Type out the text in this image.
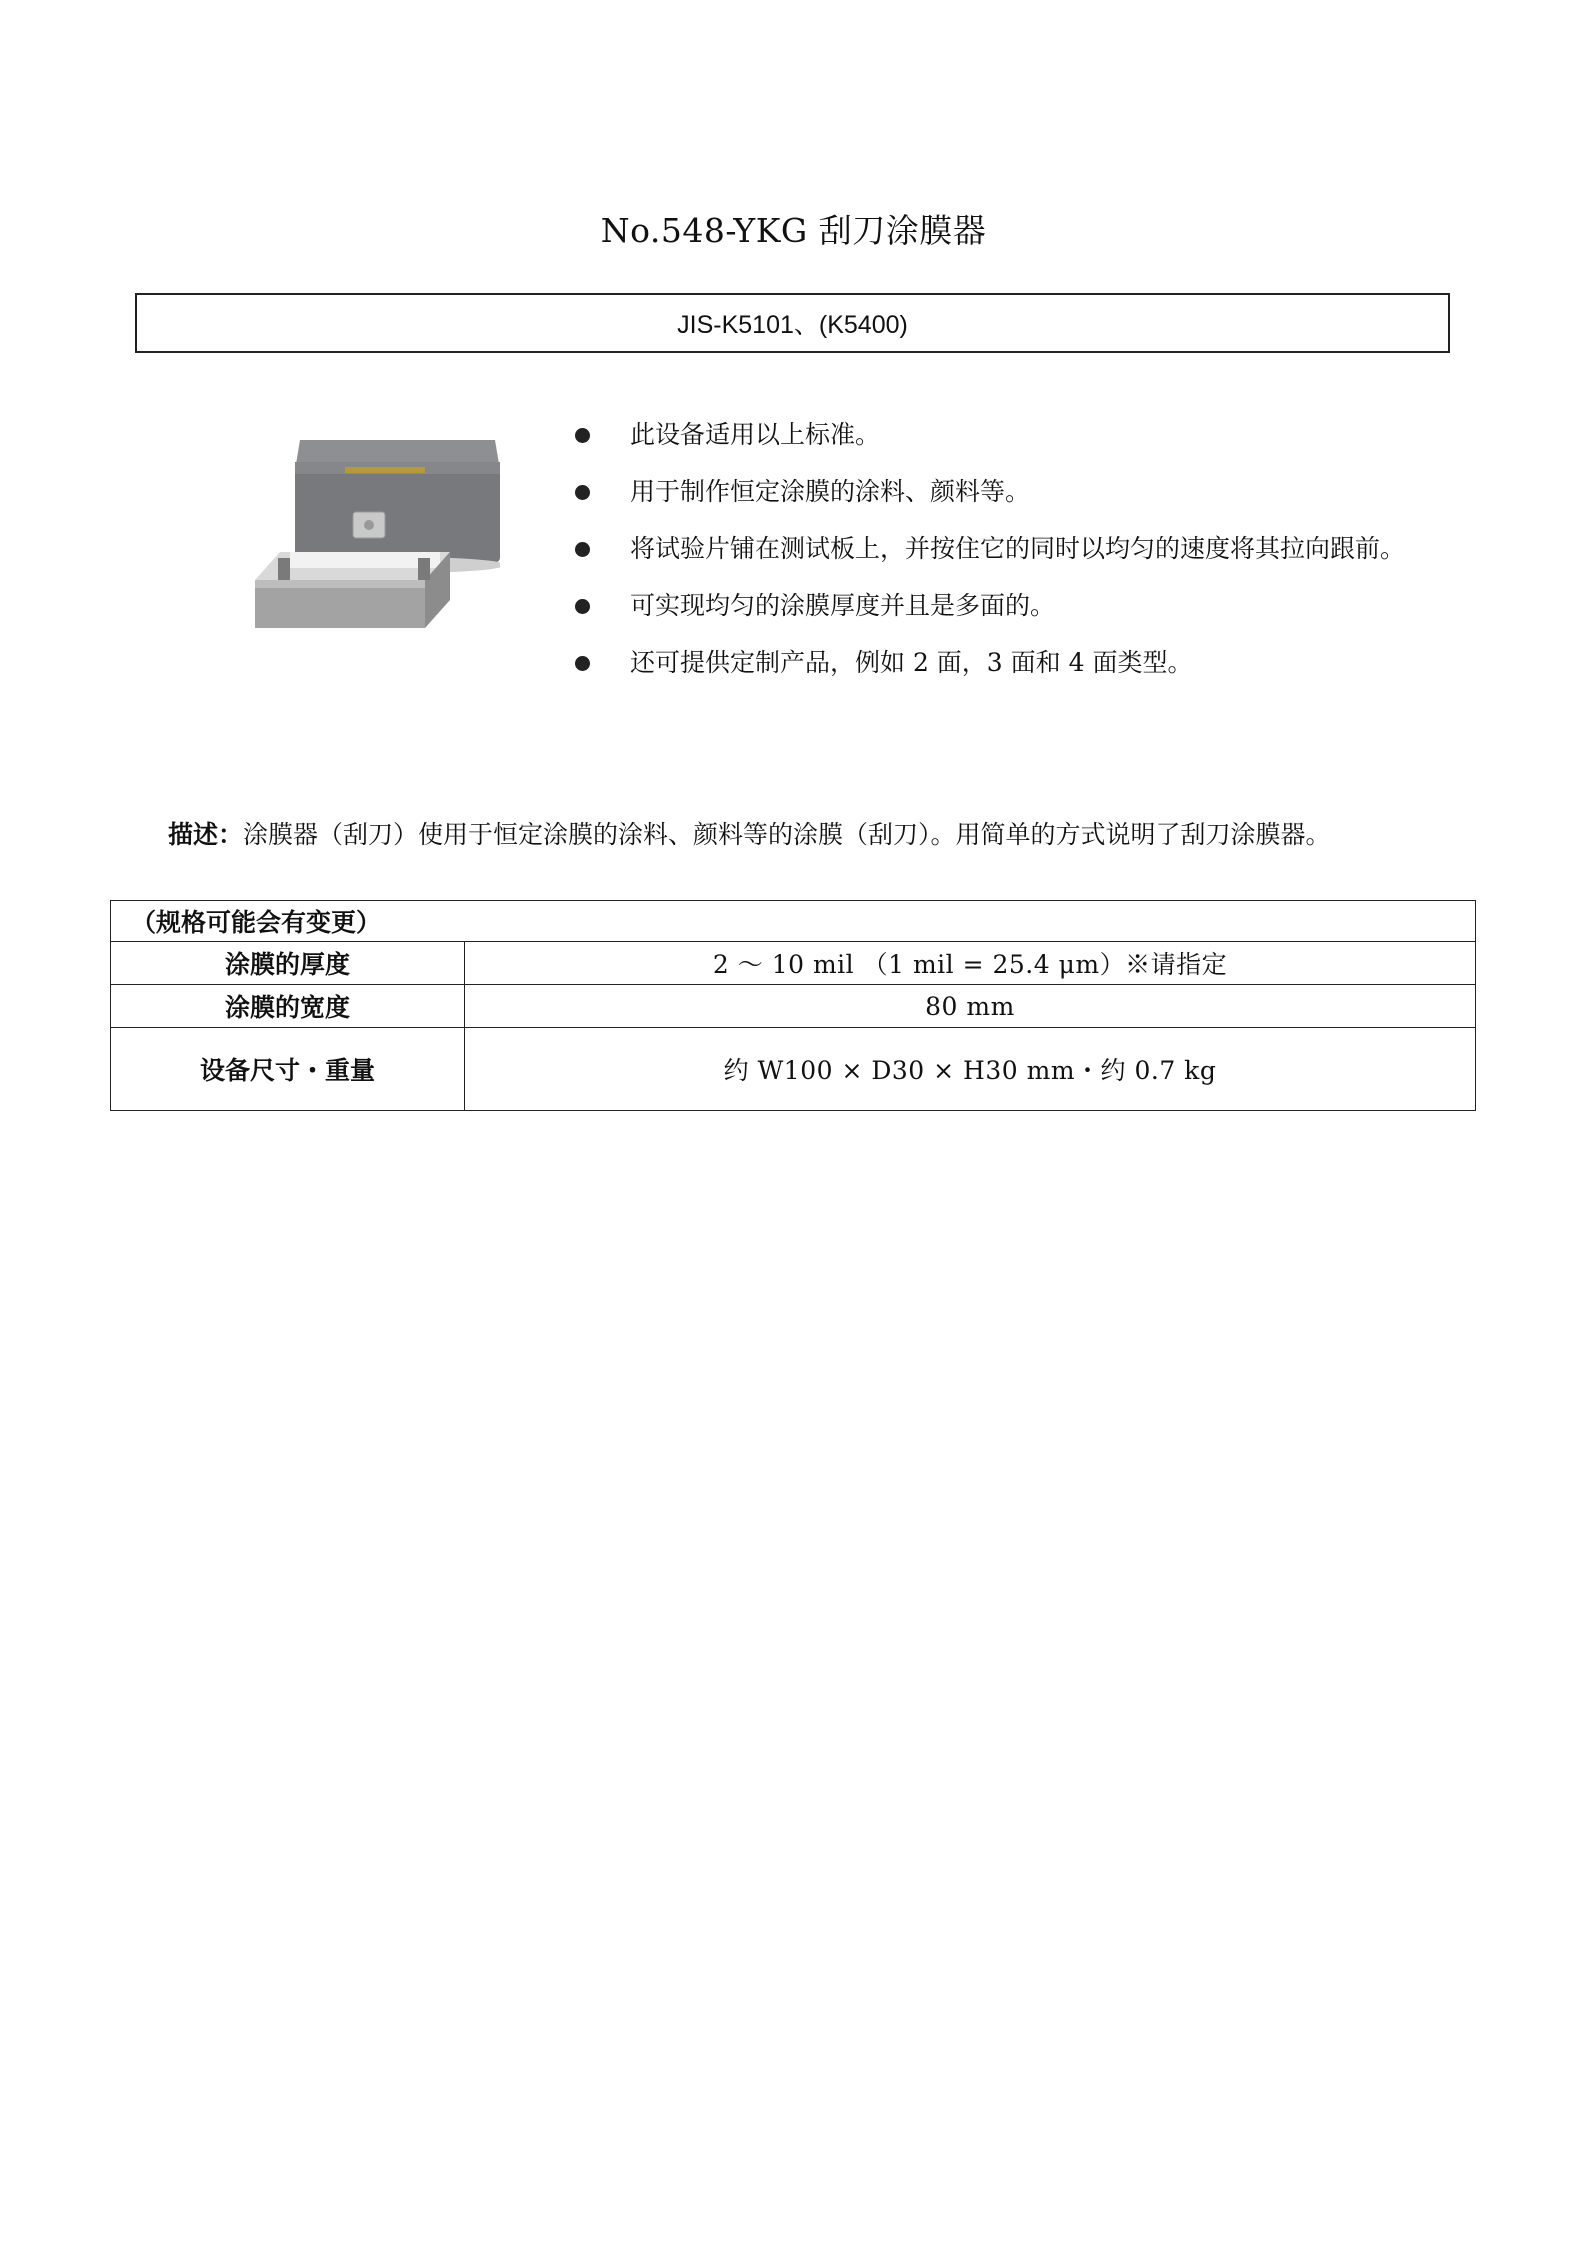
No.548-YKG 刮刀涂膜器
JIS-K5101、(K5400)
此设备适用以上标准。
用于制作恒定涂膜的涂料、颜料等。
将试验片铺在测试板上，并按住它的同时以均匀的速度将其拉向跟前。
可实现均匀的涂膜厚度并且是多面的。
还可提供定制产品，例如 2 面，3 面和 4 面类型。
描述：涂膜器（刮刀）使用于恒定涂膜的涂料、颜料等的涂膜（刮刀）。用简单的方式说明了刮刀涂膜器。
（规格可能会有变更）	
涂膜的厚度	2 ～ 10 mil （1 mil = 25.4 μm）※请指定
涂膜的宽度	80 mm
设备尺寸・重量	约 W100 × D30 × H30 mm・约 0.7 kg
